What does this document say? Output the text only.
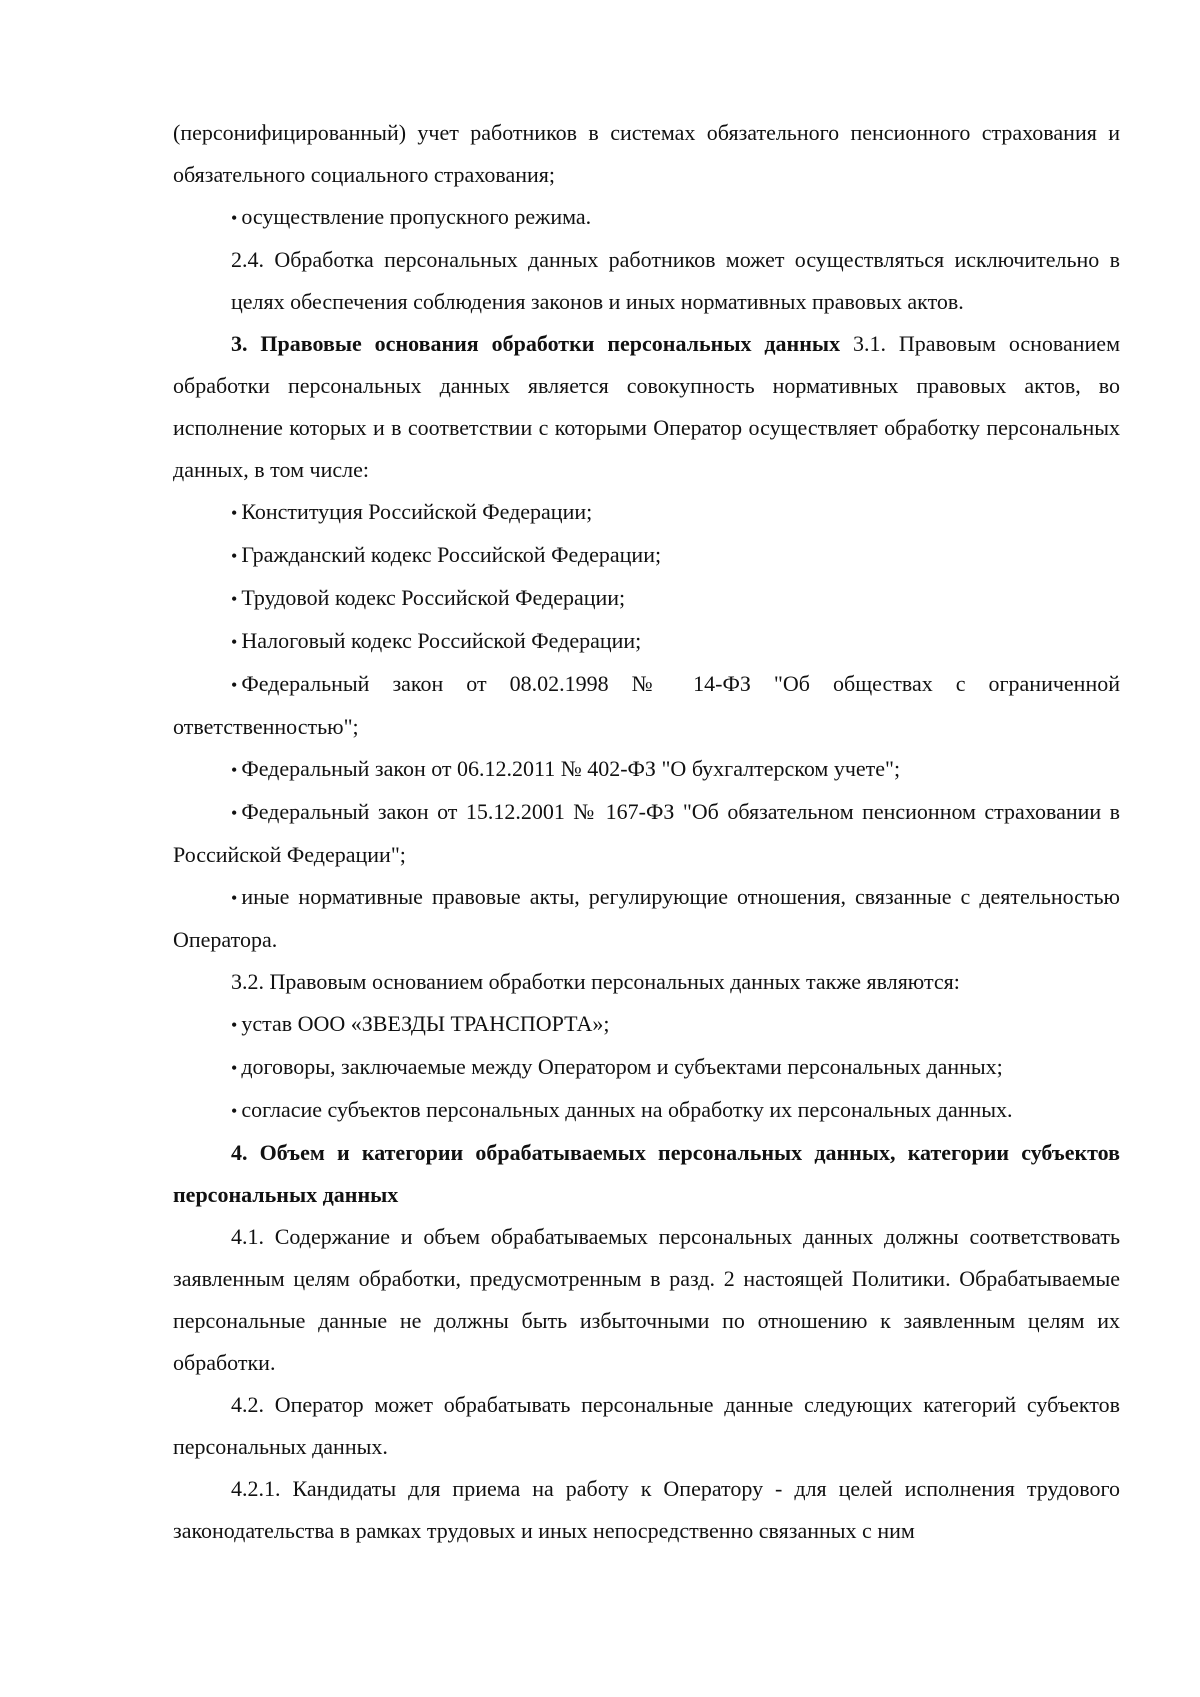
(персонифицированный) учет работников в системах обязательного пенсионного страхования и обязательного социального страхования;

• осуществление пропускного режима.

2.4. Обработка персональных данных работников может осуществляться исключительно в целях обеспечения соблюдения законов и иных нормативных правовых актов.

3. Правовые основания обработки персональных данных 3.1. Правовым основанием обработки персональных данных является совокупность нормативных правовых актов, во исполнение которых и в соответствии с которыми Оператор осуществляет обработку персональных данных, в том числе:

• Конституция Российской Федерации;

• Гражданский кодекс Российской Федерации;

• Трудовой кодекс Российской Федерации;

• Налоговый кодекс Российской Федерации;

• Федеральный закон от 08.02.1998 № 14-ФЗ "Об обществах с ограниченной ответственностью";

• Федеральный закон от 06.12.2011 № 402-ФЗ "О бухгалтерском учете";

• Федеральный закон от 15.12.2001 № 167-ФЗ "Об обязательном пенсионном страховании в Российской Федерации";

• иные нормативные правовые акты, регулирующие отношения, связанные с деятельностью Оператора.

3.2. Правовым основанием обработки персональных данных также являются:

• устав ООО «ЗВЕЗДЫ ТРАНСПОРТА»;

• договоры, заключаемые между Оператором и субъектами персональных данных;

• согласие субъектов персональных данных на обработку их персональных данных.

4. Объем и категории обрабатываемых персональных данных, категории субъектов персональных данных

4.1. Содержание и объем обрабатываемых персональных данных должны соответствовать заявленным целям обработки, предусмотренным в разд. 2 настоящей Политики. Обрабатываемые персональные данные не должны быть избыточными по отношению к заявленным целям их обработки.

4.2. Оператор может обрабатывать персональные данные следующих категорий субъектов персональных данных.

4.2.1. Кандидаты для приема на работу к Оператору - для целей исполнения трудового законодательства в рамках трудовых и иных непосредственно связанных с ним
